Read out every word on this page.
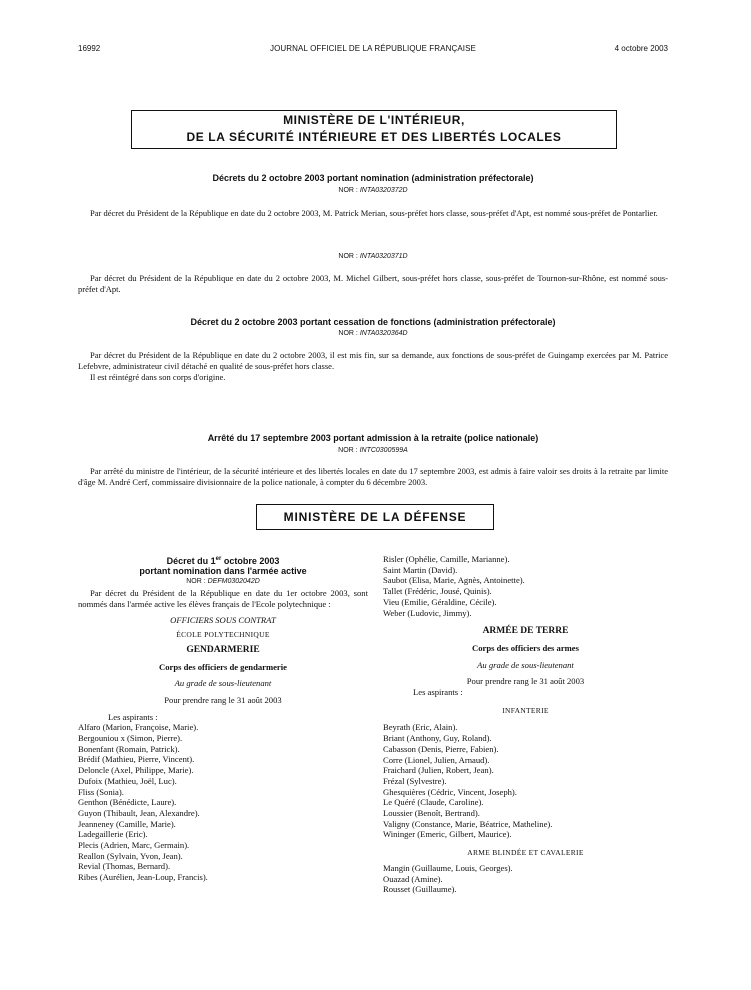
16992	JOURNAL OFFICIEL DE LA RÉPUBLIQUE FRANÇAISE	4 octobre 2003
MINISTÈRE DE L'INTÉRIEUR,
DE LA SÉCURITÉ INTÉRIEURE ET DES LIBERTÉS LOCALES
Décrets du 2 octobre 2003 portant nomination (administration préfectorale)
NOR : INTA0320372D

Par décret du Président de la République en date du 2 octobre 2003, M. Patrick Merian, sous-préfet hors classe, sous-préfet d'Apt, est nommé sous-préfet de Pontarlier.

NOR : INTA0320371D

Par décret du Président de la République en date du 2 octobre 2003, M. Michel Gilbert, sous-préfet hors classe, sous-préfet de Tournon-sur-Rhône, est nommé sous-préfet d'Apt.

Décret du 2 octobre 2003 portant cessation de fonctions (administration préfectorale)
NOR : INTA0320364D

Par décret du Président de la République en date du 2 octobre 2003, il est mis fin, sur sa demande, aux fonctions de sous-préfet de Guingamp exercées par M. Patrice Lefebvre, administrateur civil détaché en qualité de sous-préfet hors classe.

Il est réintégré dans son corps d'origine.

Arrêté du 17 septembre 2003 portant admission à la retraite (police nationale)
NOR : INTC0300599A

Par arrêté du ministre de l'intérieur, de la sécurité intérieure et des libertés locales en date du 17 septembre 2003, est admis à faire valoir ses droits à la retraite par limite d'âge M. André Cerf, commissaire divisionnaire de la police nationale, à compter du 6 décembre 2003.

MINISTÈRE DE LA DÉFENSE
Décret du 1er octobre 2003
portant nomination dans l'armée active
NOR : DEFM0302042D

Par décret du Président de la République en date du 1er octobre 2003, sont nommés dans l'armée active les élèves français de l'Ecole polytechnique :

OFFICIERS SOUS CONTRAT
ÉCOLE POLYTECHNIQUE
GENDARMERIE
Corps des officiers de gendarmerie
Au grade de sous-lieutenant
Pour prendre rang le 31 août 2003
Les aspirants :
Alfaro (Marion, Françoise, Marie).
Bergouniou x (Simon, Pierre).
Bonenfant (Romain, Patrick).
Brédif (Mathieu, Pierre, Vincent).
Deloncle (Axel, Philippe, Marie).
Dufoix (Mathieu, Joël, Luc).
Fliss (Sonia).
Genthon (Bénédicte, Laure).
Guyon (Thibault, Jean, Alexandre).
Jeanneney (Camille, Marie).
Ladegaillerie (Eric).
Plecis (Adrien, Marc, Germain).
Reallon (Sylvain, Yvon, Jean).
Revial (Thomas, Bernard).
Ribes (Aurélien, Jean-Loup, Francis).
Risler (Ophélie, Camille, Marianne).
Saint Martin (David).
Saubot (Elisa, Marie, Agnès, Antoinette).
Tallet (Frédéric, Jousé, Quinis).
Vieu (Emilie, Géraldine, Cécile).
Weber (Ludovic, Jimmy).
ARMÉE DE TERRE
Corps des officiers des armes
Au grade de sous-lieutenant
Pour prendre rang le 31 août 2003
Les aspirants :
INFANTERIE
Beyrath (Eric, Alain).
Briant (Anthony, Guy, Roland).
Cabasson (Denis, Pierre, Fabien).
Corre (Lionel, Julien, Arnaud).
Fraichard (Julien, Robert, Jean).
Frézal (Sylvestre).
Ghesquières (Cédric, Vincent, Joseph).
Le Quéré (Claude, Caroline).
Loussier (Benoît, Bertrand).
Valigny (Constance, Marie, Béatrice, Matheline).
Wininger (Emeric, Gilbert, Maurice).
ARME BLINDÉE ET CAVALERIE
Mangin (Guillaume, Louis, Georges).
Ouazad (Amine).
Rousset (Guillaume).
